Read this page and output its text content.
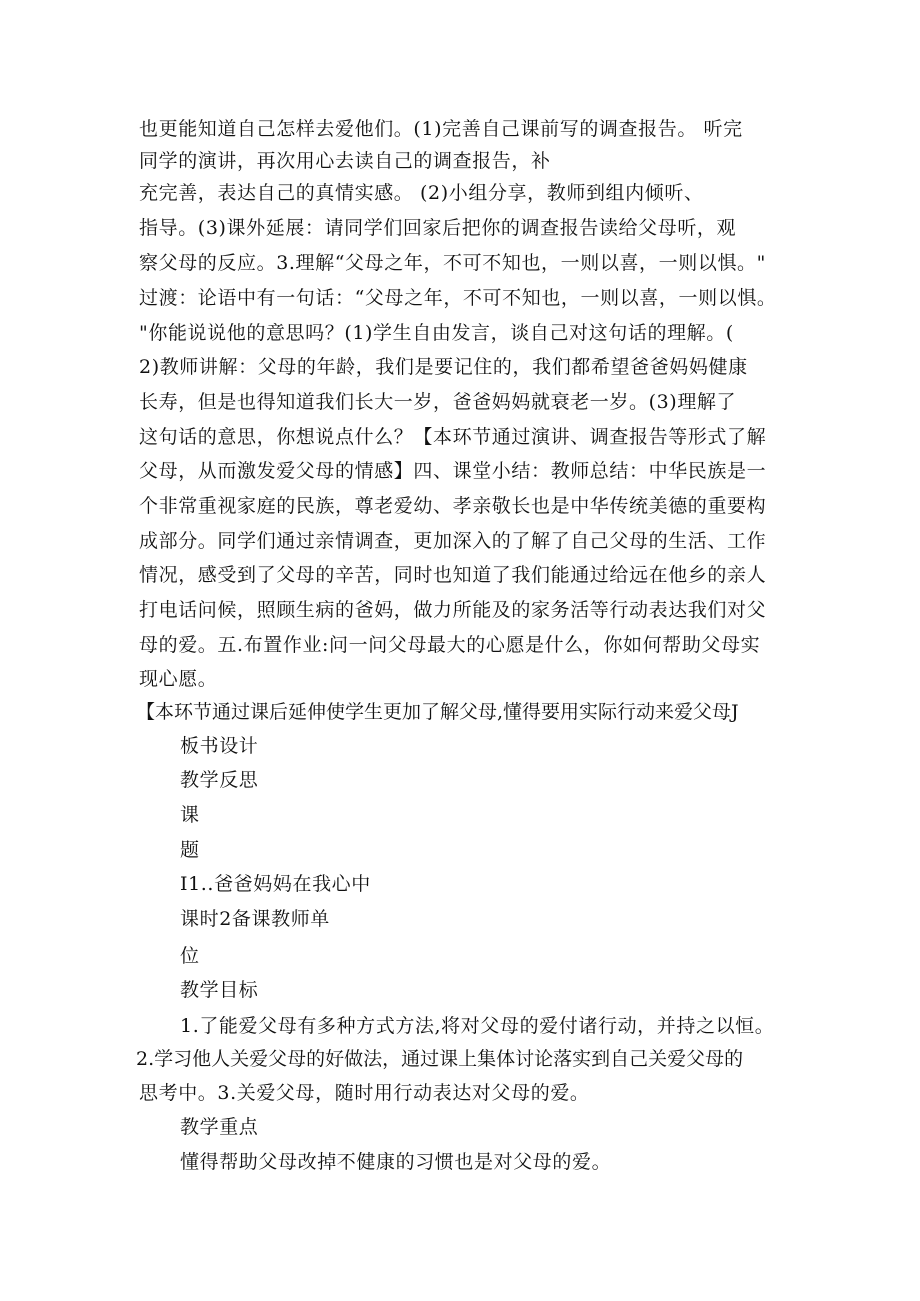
也更能知道自己怎样去爱他们。(1)完善自己课前写的调查报告。 听完
同学的演讲，再次用心去读自己的调查报告，补
充完善，表达自己的真情实感。 (2)小组分享，教师到组内倾听、
指导。(3)课外延展：请同学们回家后把你的调查报告读给父母听，观
察父母的反应。3.理解“父母之年，不可不知也，一则以喜，一则以惧。"
过渡：论语中有一句话：“父母之年，不可不知也，一则以喜，一则以惧。
"你能说说他的意思吗？(1)学生自由发言，谈自己对这句话的理解。(
2)教师讲解：父母的年龄，我们是要记住的，我们都希望爸爸妈妈健康
长寿，但是也得知道我们长大一岁，爸爸妈妈就衰老一岁。(3)理解了
这句话的意思，你想说点什么？【本环节通过演讲、调查报告等形式了解
父母，从而激发爱父母的情感】四、课堂小结：教师总结：中华民族是一
个非常重视家庭的民族，尊老爱幼、孝亲敬长也是中华传统美德的重要构
成部分。同学们通过亲情调查，更加深入的了解了自己父母的生活、工作
情况，感受到了父母的辛苦，同时也知道了我们能通过给远在他乡的亲人
打电话问候，照顾生病的爸妈，做力所能及的家务活等行动表达我们对父
母的爱。五.布置作业:问一问父母最大的心愿是什么，你如何帮助父母实
现心愿。
【本环节通过课后延伸使学生更加了解父母,懂得要用实际行动来爱父母J
板书设计
教学反思
课
题
I1..爸爸妈妈在我心中
课时2备课教师单
位
教学目标
1.了能爱父母有多种方式方法,将对父母的爱付诸行动，并持之以恒。
2.学习他人关爱父母的好做法，通过课上集体讨论落实到自己关爱父母的
思考中。3.关爱父母，随时用行动表达对父母的爱。
教学重点
懂得帮助父母改掉不健康的习惯也是对父母的爱。
